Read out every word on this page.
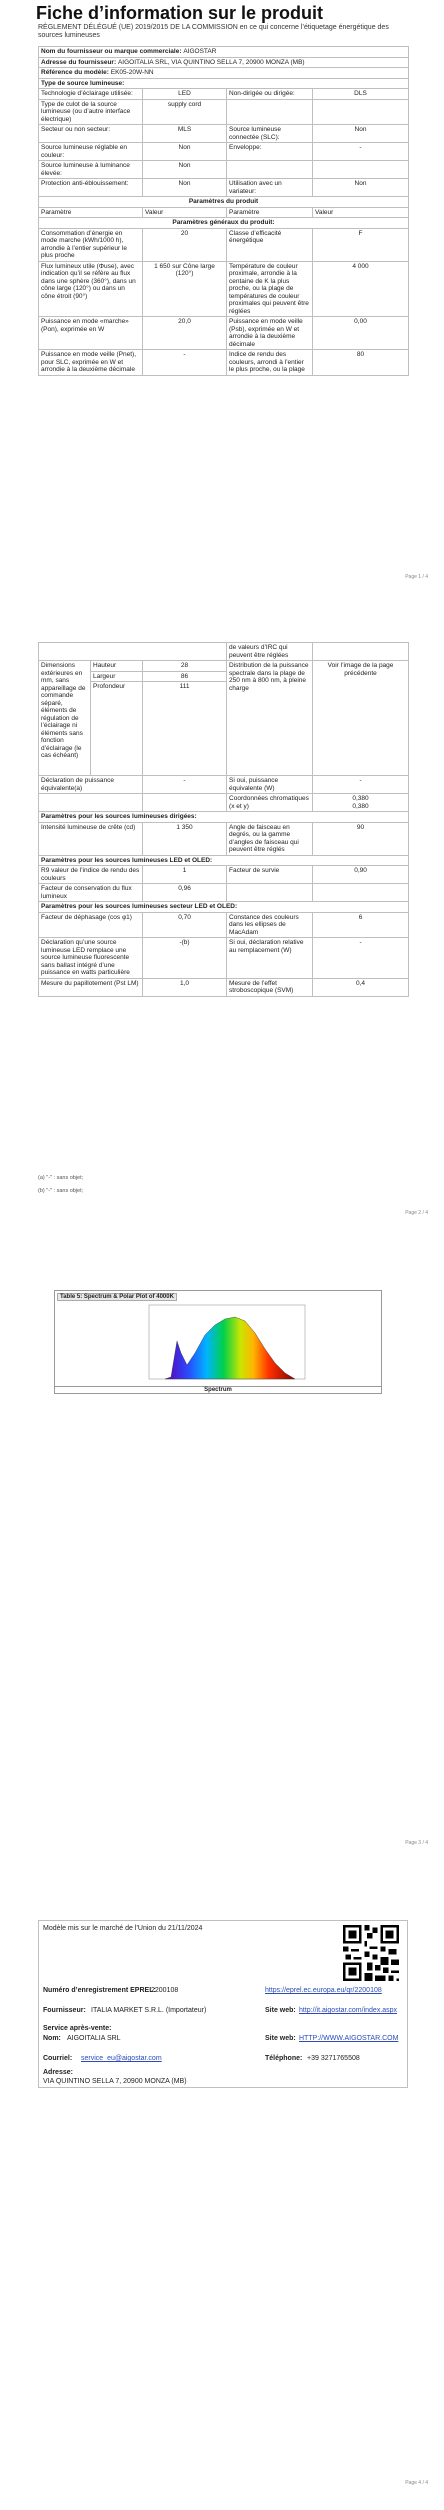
Fiche d’information sur le produit
RÈGLEMENT DÉLÉGUÉ (UE) 2019/2015 DE LA COMMISSION en ce qui concerne l’étiquetage énergétique des sources lumineuses
Nom du fournisseur ou marque commerciale: AIGOSTAR			
Adresse du fournisseur: AIGOITALIA SRL, VIA QUINTINO SELLA 7, 20900 MONZA (MB)			
Référence du modèle: EK05-20W-NN			
Type de source lumineuse:			
Technologie d’éclairage utilisée:	LED	Non-dirigée ou dirigée:	DLS
Type de culot de la source lumineuse (ou d’autre interface électrique)	supply cord		
Secteur ou non secteur:	MLS	Source lumineuse connectée (SLC):	Non
Source lumineuse réglable en couleur:	Non	Enveloppe:	-
Source lumineuse à luminance élevée:	Non		
Protection anti-éblouissement:	Non	Utilisation avec un variateur:	Non
Paramètres du produit			
Paramètre	Valeur	Paramètre	Valeur
Paramètres généraux du produit:			
Consommation d’énergie en mode marche (kWh/1000 h), arrondie à l’entier supérieur le plus proche	20	Classe d’efficacité énergétique	F
Flux lumineux utile (Φuse), avec indication qu’il se réfère au flux dans une sphère (360°), dans un cône large (120°) ou dans un cône étroit (90°)	1 650 sur Cône large (120°)	Température de couleur proximale, arrondie à la centaine de K la plus proche, ou la plage de températures de couleur proximales qui peuvent être réglées	4 000
Puissance en mode «marche» (Pon), exprimée en W	20,0	Puissance en mode veille (Psb), exprimée en W et arrondie à la deuxième décimale	0,00
Puissance en mode veille (Pnet), pour SLC, exprimée en W et arrondie à la deuxième décimale	-	Indice de rendu des couleurs, arrondi à l’entier le plus proche, ou la plage	80
Page 1 / 4
			de valeurs d’IRC qui peuvent être réglées	
Dimensions extérieures en mm, sans appareillage de commande séparé, éléments de régulation de l’éclairage ni éléments sans fonction d’éclairage (le cas échéant)	Hauteur	28	Distribution de la puissance spectrale dans la plage de 250 nm à 800 nm, à pleine charge	Voir l’image de la page précédente
	Largeur	86		
	Profondeur	111		
Déclaration de puissance équivalente(a)		-	Si oui, puissance équivalente (W)	-
			Coordonnées chromatiques (x et y)	0,380
0,380
Paramètres pour les sources lumineuses dirigées:				
Intensité lumineuse de crête (cd)		1 350	Angle de faisceau en degrés, ou la gamme d’angles de faisceau qui peuvent être réglés	90
Paramètres pour les sources lumineuses LED et OLED:				
R9 valeur de l’indice de rendu des couleurs		1	Facteur de survie	0,90
Facteur de conservation du flux lumineux		0,96		
Paramètres pour les sources lumineuses secteur LED et OLED:				
Facteur de déphasage (cos φ1)		0,70	Constance des couleurs dans les ellipses de MacAdam	6
Déclaration qu’une source lumineuse LED remplace une source lumineuse fluorescente sans ballast intégré d’une puissance en watts particulière		-(b)	Si oui, déclaration relative au remplacement (W)	-
Mesure du papillotement (Pst LM)		1,0	Mesure de l’effet stroboscopique (SVM)	0,4
(a) "-" : sans objet;
(b) "-" : sans objet;
Page 2 / 4
Table 5: Spectrum & Polar Plot of 4000K
Spectrum
Page 3 / 4
Modèle mis sur le marché de l’Union du 21/11/2024
Numéro d’enregistrement EPREL:
2200108	https://eprel.ec.europa.eu/qr/2200108
Fournisseur: ITALIA MARKET S.R.L. (Importateur)	Site web: http://it.aigostar.com/index.aspx
Service après-vente:
Nom: AIGOITALIA SRL	Site web: HTTP://WWW.AIGOSTAR.COM
Courriel: service_eu@aigostar.com	Téléphone: +39 3271765508
Adresse:
VIA QUINTINO SELLA 7, 20900 MONZA (MB)
Page 4 / 4
